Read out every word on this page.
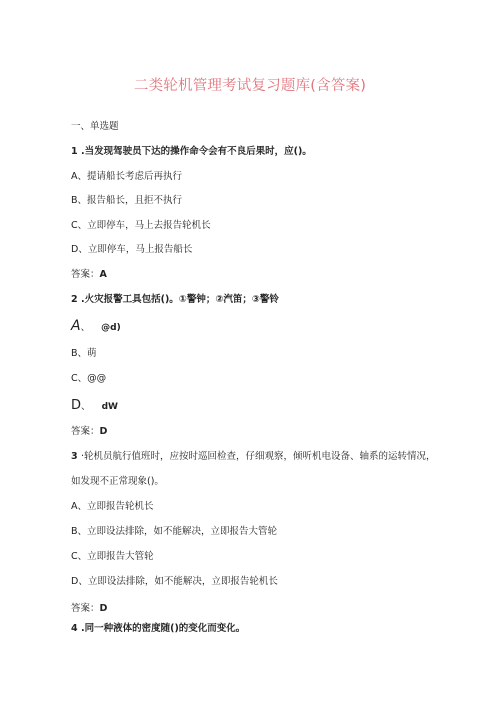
二类轮机管理考试复习题库(含答案)
一、单选题
1 .当发现驾驶员下达的操作命令会有不良后果时，应()。
A、提请船长考虑后再执行
B、报告船长，且拒不执行
C、立即停车，马上去报告轮机长
D、立即停车，马上报告船长
答案：A
2 .火灾报警工具包括()。①警钟；②汽笛；③警铃
A、 @d)
B、萌
C、@@
D、 dW
答案：D
3 ·轮机员航行值班时，应按时巡回检查，仔细观察，倾听机电设备、轴系的运转情况，
如发现不正常现象()。
A、立即报告轮机长
B、立即设法排除，如不能解决，立即报告大管轮
C、立即报告大管轮
D、立即设法排除，如不能解决，立即报告轮机长
答案：D
4 .同一种液体的密度随()的变化而变化。
